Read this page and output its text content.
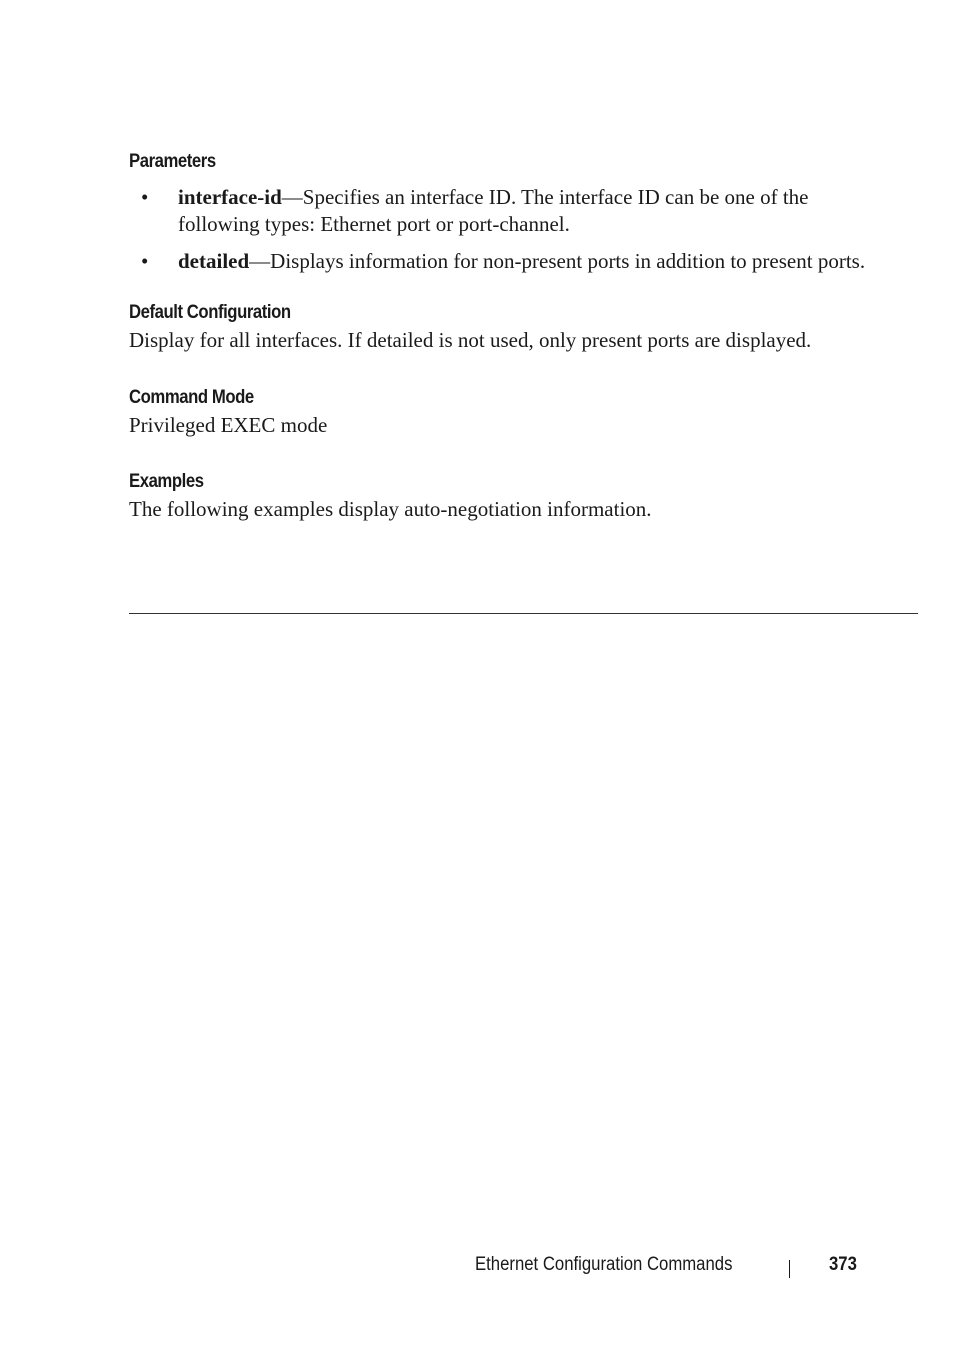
Parameters
• interface-id—Specifies an interface ID. The interface ID can be one of the following types: Ethernet port or port-channel.
• detailed—Displays information for non-present ports in addition to present ports.
Default Configuration

Display for all interfaces. If detailed is not used, only present ports are displayed.

Command Mode

Privileged EXEC mode

Examples

The following examples display auto-negotiation information.

Ethernet Configuration Commands	373
